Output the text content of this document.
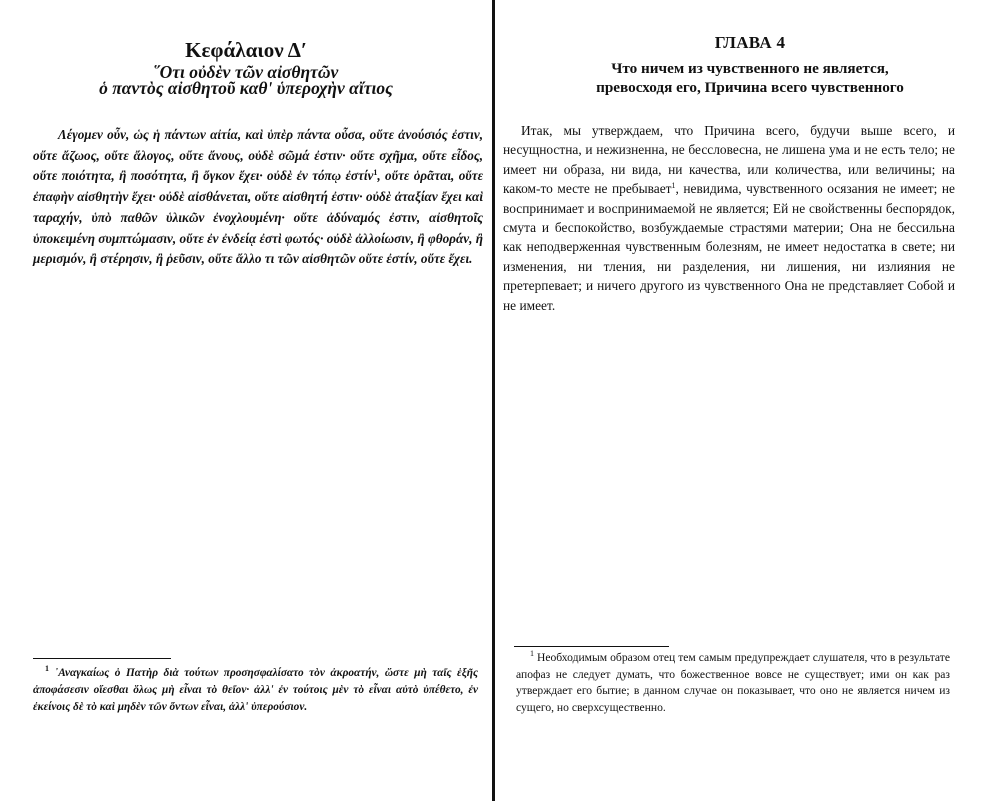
Κεφάλαιον Δʹ
῞Οτι οὐδὲν τῶν αἰσθητῶν
ὁ παντὸς αἰσθητοῦ καθʹ ὑπεροχὴν αἴτιος

Λέγομεν οὖν, ὡς ἡ πάντων αἰτία, καὶ ὑπὲρ πάντα οὖσα, οὔτε ἀνούσιός ἐστιν, οὔτε ἄζωος, οὔτε ἄλογος, οὔτε ἄνους, οὐδὲ σῶμά ἐστιν· οὔτε σχῆμα, οὔτε εἶδος, οὔτε ποιότητα, ἢ ποσότητα, ἢ ὄγκον ἔχει· οὐδὲ ἐν τόπῳ ἐστίν$^1$, οὔτε ὁρᾶται, οὔτε ἐπαφὴν αἰσθητὴν ἔχει· οὐδὲ αἰσθάνεται, οὔτε αἰσθητή ἐστιν· οὐδὲ ἀταξίαν ἔχει καὶ ταραχήν, ὑπὸ παθῶν ὑλικῶν ἐνοχλουμένη· οὔτε ἀδύναμός ἐστιν, αἰσθητοῖς ὑποκειμένη συμπτώμασιν, οὔτε ἐν ἐνδείᾳ ἐστὶ φωτός· οὐδὲ ἀλλοίωσιν, ἢ φθοράν, ἢ μερισμόν, ἢ στέρησιν, ἢ ῥεῦσιν, οὔτε ἄλλο τι τῶν αἰσθητῶν οὔτε ἐστίν, οὔτε ἔχει.

$^1$ ᾿Αναγκαίως ὁ Πατὴρ διὰ τούτων προσησφαλίσατο τὸν ἀκροατήν, ὥστε μὴ ταῖς ἑξῆς ἀποφάσεσιν οἴεσθαι ὅλως μὴ εἶναι τὸ θεῖον· ἀλλʹ ἐν τούτοις μὲν τὸ εἶναι αὐτὸ ὑπέθετο, ἐν ἐκείνοις δὲ τὸ καὶ μηδὲν τῶν ὄντων εἶναι, ἀλλʹ ὑπερούσιον.

ГЛАВА 4
Что ничем из чувственного не является,
превосходя его, Причина всего чувственного

Итак, мы утверждаем, что Причина всего, будучи выше всего, и несущностна, и нежизненна, не бессловесна, не лишена ума и не есть тело; не имеет ни образа, ни вида, ни качества, или количества, или величины; на каком-то месте не пребывает$^1$, невидима, чувственного осязания не имеет; не воспринимает и воспринимаемой не является; Ей не свойственны беспорядок, смута и беспокойство, возбуждаемые страстями материи; Она не бессильна как неподверженная чувственным болезням, не имеет недостатка в свете; ни изменения, ни тления, ни разделения, ни лишения, ни излияния не претерпевает; и ничего другого из чувственного Она не представляет Собой и не имеет.

$^1$ Необходимым образом отец тем самым предупреждает слушателя, что в результате апофаз не следует думать, что божественное вовсе не существует; ими он как раз утверждает его бытие; в данном случае он показывает, что оно не является ничем из сущего, но сверхсущественно.
